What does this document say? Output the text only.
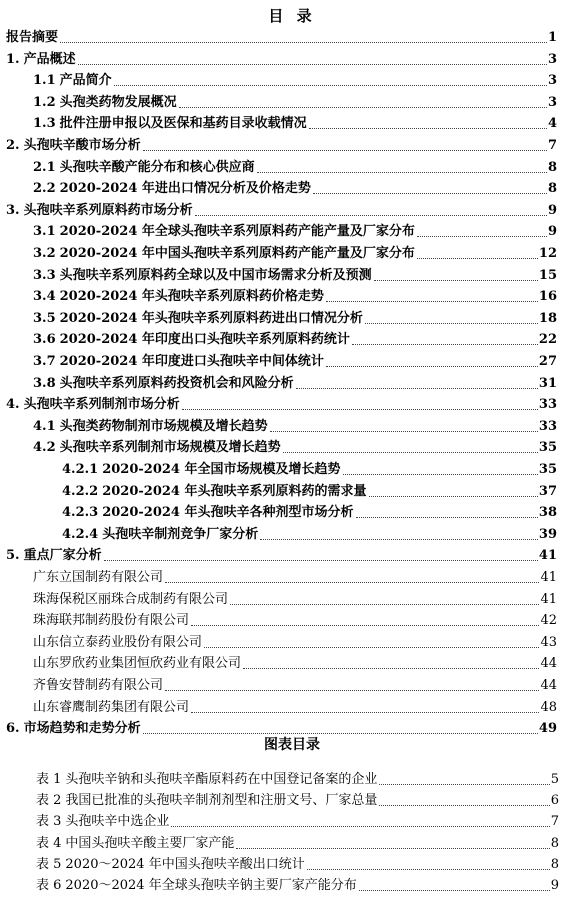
目 录
报告摘要	1
1. 产品概述	3
1.1 产品简介	3
1.2 头孢类药物发展概况	3
1.3 批件注册申报以及医保和基药目录收载情况	4
2. 头孢呋辛酸市场分析	7
2.1 头孢呋辛酸产能分布和核心供应商	8
2.2 2020-2024 年进出口情况分析及价格走势	8
3. 头孢呋辛系列原料药市场分析	9
3.1 2020-2024 年全球头孢呋辛系列原料药产能产量及厂家分布	9
3.2 2020-2024 年中国头孢呋辛系列原料药产能产量及厂家分布	12
3.3 头孢呋辛系列原料药全球以及中国市场需求分析及预测	15
3.4 2020-2024 年头孢呋辛系列原料药价格走势	16
3.5 2020-2024 年头孢呋辛系列原料药进出口情况分析	18
3.6 2020-2024 年印度出口头孢呋辛系列原料药统计	22
3.7 2020-2024 年印度进口头孢呋辛中间体统计	27
3.8 头孢呋辛系列原料药投资机会和风险分析	31
4. 头孢呋辛系列制剂市场分析	33
4.1 头孢类药物制剂市场规模及增长趋势	33
4.2 头孢呋辛系列制剂市场规模及增长趋势	35
4.2.1 2020-2024 年全国市场规模及增长趋势	35
4.2.2 2020-2024 年头孢呋辛系列原料药的需求量	37
4.2.3 2020-2024 年头孢呋辛各种剂型市场分析	38
4.2.4 头孢呋辛制剂竞争厂家分析	39
5. 重点厂家分析	41
广东立国制药有限公司	41
珠海保税区丽珠合成制药有限公司	41
珠海联邦制药股份有限公司	42
山东信立泰药业股份有限公司	43
山东罗欣药业集团恒欣药业有限公司	44
齐鲁安替制药有限公司	44
山东睿鹰制药集团有限公司	48
6. 市场趋势和走势分析	49
图表目录
表 1 头孢呋辛钠和头孢呋辛酯原料药在中国登记备案的企业	5
表 2 我国已批准的头孢呋辛制剂剂型和注册文号、厂家总量	6
表 3 头孢呋辛中选企业	7
表 4 中国头孢呋辛酸主要厂家产能	8
表 5 2020～2024 年中国头孢呋辛酸出口统计	8
表 6 2020～2024 年全球头孢呋辛钠主要厂家产能分布	9
